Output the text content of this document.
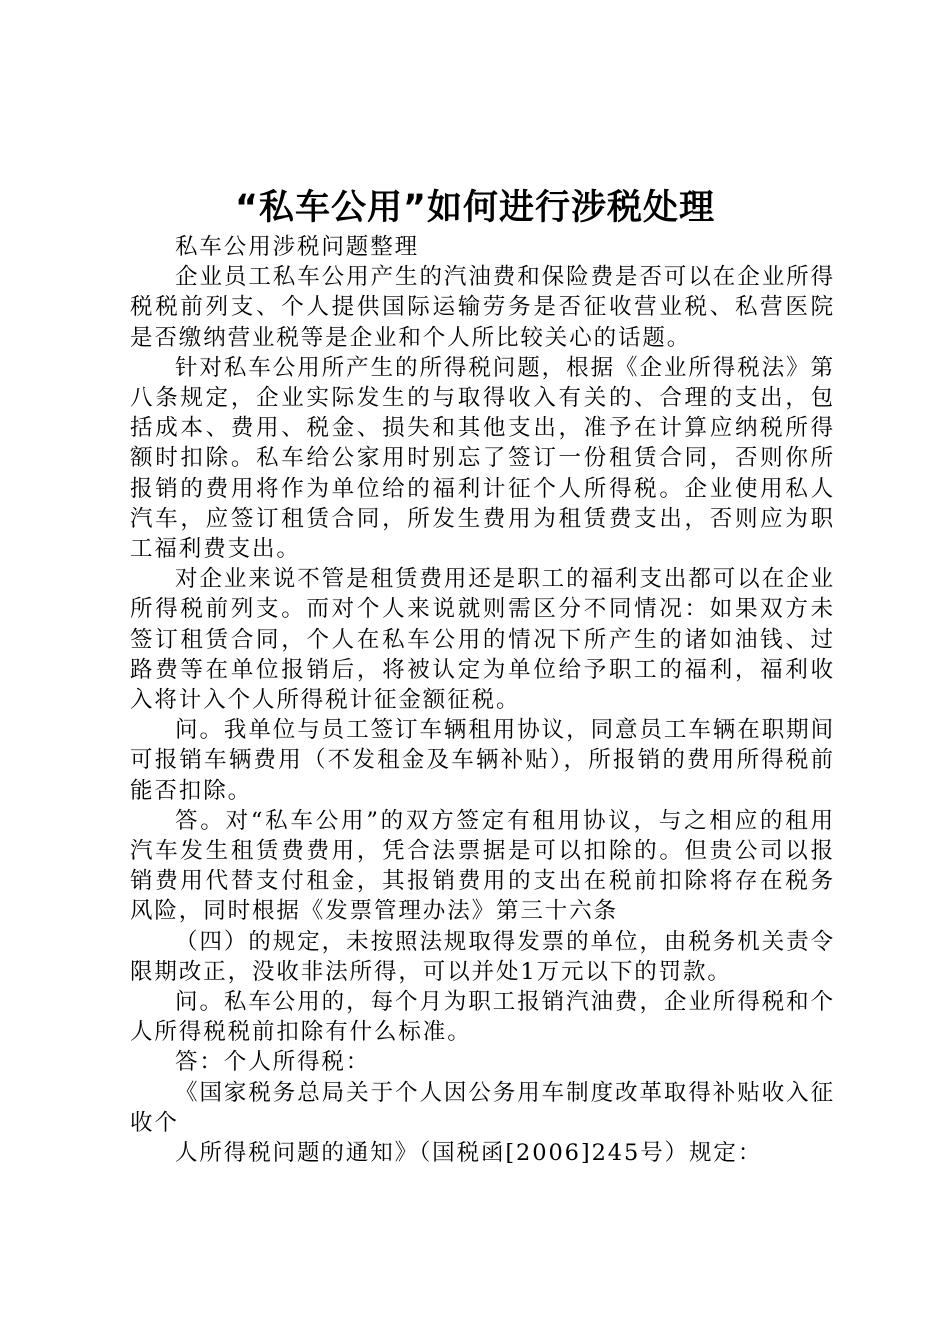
“私车公用”如何进行涉税处理

私车公用涉税问题整理

企业员工私车公用产生的汽油费和保险费是否可以在企业所得税税前列支、个人提供国际运输劳务是否征收营业税、私营医院是否缴纳营业税等是企业和个人所比较关心的话题。

针对私车公用所产生的所得税问题，根据《企业所得税法》第八条规定，企业实际发生的与取得收入有关的、合理的支出，包括成本、费用、税金、损失和其他支出，准予在计算应纳税所得额时扣除。私车给公家用时别忘了签订一份租赁合同，否则你所报销的费用将作为单位给的福利计征个人所得税。企业使用私人汽车，应签订租赁合同，所发生费用为租赁费支出，否则应为职工福利费支出。

对企业来说不管是租赁费用还是职工的福利支出都可以在企业所得税前列支。而对个人来说就则需区分不同情况：如果双方未签订租赁合同，个人在私车公用的情况下所产生的诸如油钱、过路费等在单位报销后，将被认定为单位给予职工的福利，福利收入将计入个人所得税计征金额征税。

问。我单位与员工签订车辆租用协议，同意员工车辆在职期间可报销车辆费用（不发租金及车辆补贴），所报销的费用所得税前能否扣除。

答。对“私车公用”的双方签定有租用协议，与之相应的租用汽车发生租赁费费用，凭合法票据是可以扣除的。但贵公司以报销费用代替支付租金，其报销费用的支出在税前扣除将存在税务风险，同时根据《发票管理办法》第三十六条

（四）的规定，未按照法规取得发票的单位，由税务机关责令限期改正，没收非法所得，可以并处1万元以下的罚款。

问。私车公用的，每个月为职工报销汽油费，企业所得税和个人所得税税前扣除有什么标准。

答：个人所得税：

《国家税务总局关于个人因公务用车制度改革取得补贴收入征收个

人所得税问题的通知》（国税函[2006]245号）规定：
